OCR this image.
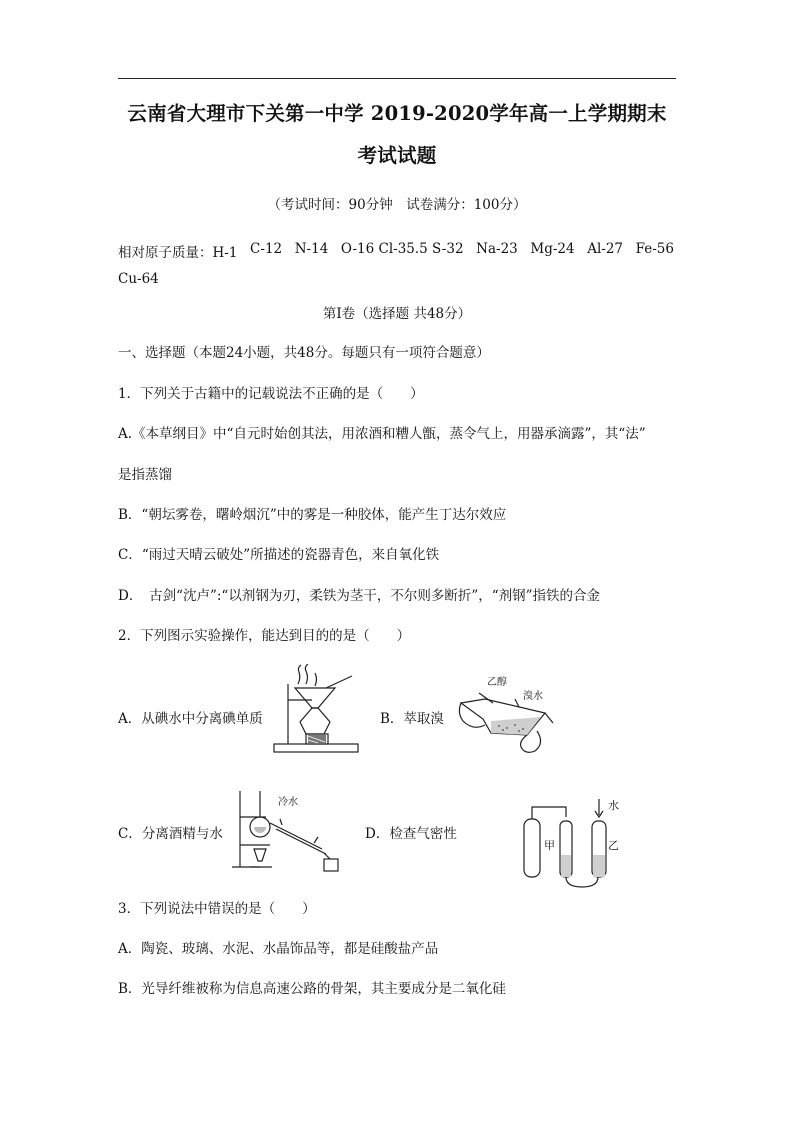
云南省大理市下关第一中学 2019-2020学年高一上学期期末
考试试题
（考试时间：90分钟　试卷满分：100分）
相对原子质量：H-1 C-12 N-14 O-16 Cl-35.5 S-32 Na-23 Mg-24 Al-27 Fe-56
Cu-64
第Ⅰ卷（选择题 共48分）
一、选择题（本题24小题，共48分。每题只有一项符合题意）
1．下列关于古籍中的记载说法不正确的是（　　）
A.《本草纲目》中“自元时始创其法，用浓酒和糟人甑，蒸令气上，用器承滴露”，其“法”
是指蒸馏
B．“朝坛雾卷，曙岭烟沉”中的雾是一种胶体，能产生丁达尔效应
C．“雨过天晴云破处”所描述的瓷器青色，来自氧化铁
D．　古剑“沈卢”:“以剂钢为刃，柔铁为茎干，不尔则多断折”，“剂钢”指铁的合金
2．下列图示实验操作，能达到目的的是（　　）
A．从碘水中分离碘单质	B．萃取溴
C．分离酒精与水	D．检查气密性
乙醇
溴水
冷水	水
甲	乙
3．下列说法中错误的是（　　）
A．陶瓷、玻璃、水泥、水晶饰品等，都是硅酸盐产品
B．光导纤维被称为信息高速公路的骨架，其主要成分是二氧化硅
